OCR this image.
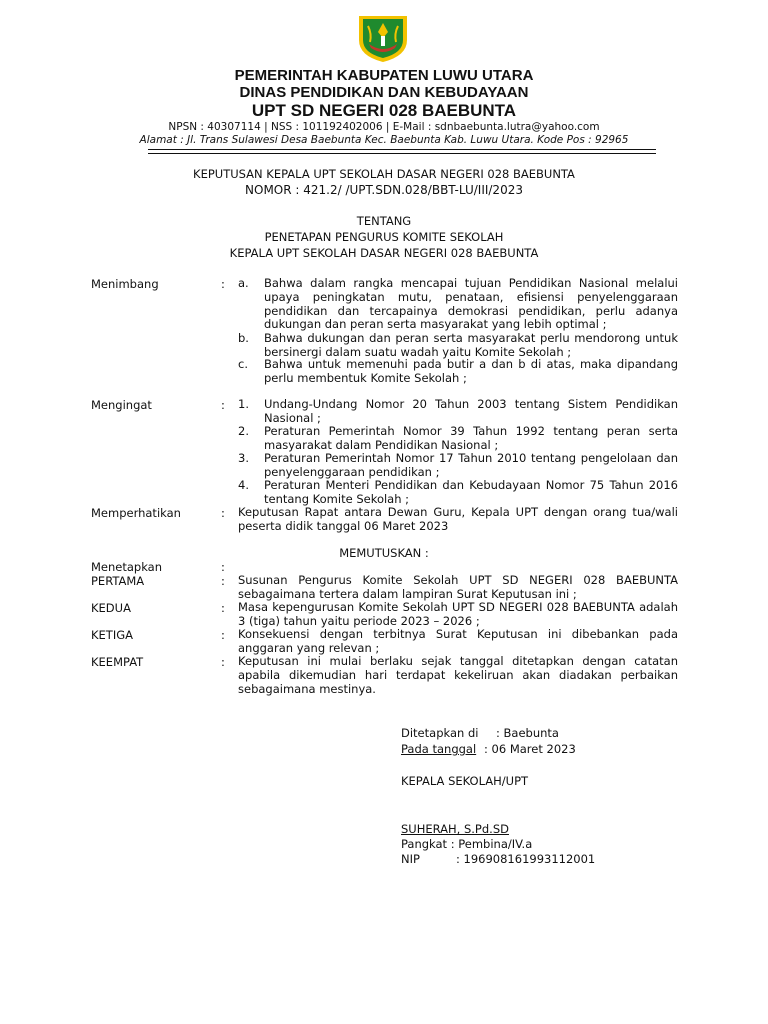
PEMERINTAH KABUPATEN LUWU UTARA
DINAS PENDIDIKAN DAN KEBUDAYAAN
UPT SD NEGERI 028 BAEBUNTA
NPSN : 40307114 | NSS : 101192402006 | E-Mail : sdnbaebunta.lutra@yahoo.com
Alamat : Jl. Trans Sulawesi Desa Baebunta Kec. Baebunta Kab. Luwu Utara. Kode Pos : 92965
KEPUTUSAN KEPALA UPT SEKOLAH DASAR NEGERI 028 BAEBUNTA
NOMOR : 421.2/ /UPT.SDN.028/BBT-LU/III/2023
TENTANG
PENETAPAN PENGURUS KOMITE SEKOLAH
KEPALA UPT SEKOLAH DASAR NEGERI 028 BAEBUNTA
Menimbang	: a. Bahwa dalam rangka mencapai tujuan Pendidikan Nasional melalui upaya peningkatan mutu, penataan, efisiensi penyelenggaraan pendidikan dan tercapainya demokrasi pendidikan, perlu adanya dukungan dan peran serta masyarakat yang lebih optimal ;
b. Bahwa dukungan dan peran serta masyarakat perlu mendorong untuk bersinergi dalam suatu wadah yaitu Komite Sekolah ;
c. Bahwa untuk memenuhi pada butir a dan b di atas, maka dipandang perlu membentuk Komite Sekolah ;
Mengingat	: 1. Undang-Undang Nomor 20 Tahun 2003 tentang Sistem Pendidikan Nasional ;
2. Peraturan Pemerintah Nomor 39 Tahun 1992 tentang peran serta masyarakat dalam Pendidikan Nasional ;
3. Peraturan Pemerintah Nomor 17 Tahun 2010 tentang pengelolaan dan penyelenggaraan pendidikan ;
4. Peraturan Menteri Pendidikan dan Kebudayaan Nomor 75 Tahun 2016 tentang Komite Sekolah ;
Memperhatikan	: Keputusan Rapat antara Dewan Guru, Kepala UPT dengan orang tua/wali peserta didik tanggal 06 Maret 2023
MEMUTUSKAN :
Menetapkan	:
PERTAMA	: Susunan Pengurus Komite Sekolah UPT SD NEGERI 028 BAEBUNTA sebagaimana tertera dalam lampiran Surat Keputusan ini ;
KEDUA	: Masa kepengurusan Komite Sekolah UPT SD NEGERI 028 BAEBUNTA adalah 3 (tiga) tahun yaitu periode 2023 – 2026 ;
KETIGA	: Konsekuensi dengan terbitnya Surat Keputusan ini dibebankan pada anggaran yang relevan ;
KEEMPAT	: Keputusan ini mulai berlaku sejak tanggal ditetapkan dengan catatan apabila dikemudian hari terdapat kekeliruan akan diadakan perbaikan sebagaimana mestinya.
Ditetapkan di : Baebunta
Pada tanggal : 06 Maret 2023
KEPALA SEKOLAH/UPT
SUHERAH, S.Pd.SD
Pangkat : Pembina/IV.a
NIP	: 196908161993112001
